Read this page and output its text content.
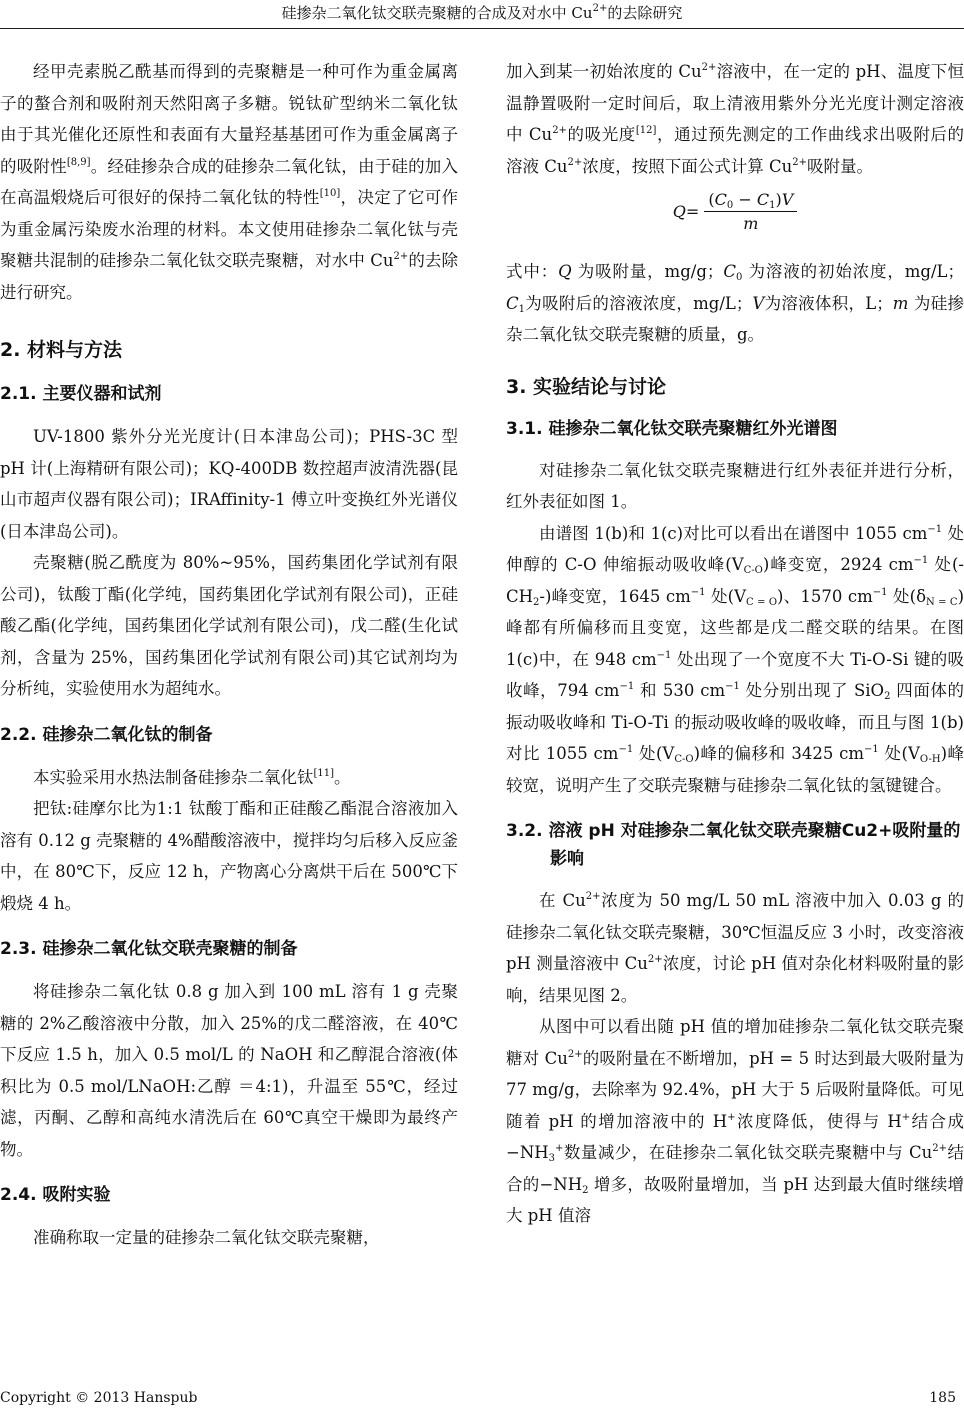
硅掺杂二氧化钛交联壳聚糖的合成及对水中 $Cu^{2+}$的去除研究

经甲壳素脱乙酰基而得到的壳聚糖是一种可作为重金属离子的螯合剂和吸附剂天然阳离子多糖。锐钛矿型纳米二氧化钛由于其光催化还原性和表面有大量羟基基团可作为重金属离子的吸附性[8,9]。经硅掺杂合成的硅掺杂二氧化钛，由于硅的加入在高温煅烧后可很好的保持二氧化钛的特性[10]，决定了它可作为重金属污染废水治理的材料。本文使用硅掺杂二氧化钛与壳聚糖共混制的硅掺杂二氧化钛交联壳聚糖，对水中 $Cu^{2+}$的去除进行研究。

2. 材料与方法
2.1. 主要仪器和试剂

UV-1800 紫外分光光度计(日本津岛公司)；PHS-3C 型 pH 计(上海精研有限公司)；KQ-400DB 数控超声波清洗器(昆山市超声仪器有限公司)；IRAffinity-1 傅立叶变换红外光谱仪(日本津岛公司)。

壳聚糖(脱乙酰度为 80%~95%，国药集团化学试剂有限公司)，钛酸丁酯(化学纯，国药集团化学试剂有限公司)，正硅酸乙酯(化学纯，国药集团化学试剂有限公司)，戊二醛(生化试剂，含量为 25%，国药集团化学试剂有限公司)其它试剂均为分析纯，实验使用水为超纯水。

2.2. 硅掺杂二氧化钛的制备

本实验采用水热法制备硅掺杂二氧化钛[11]。

把钛:硅摩尔比为1:1 钛酸丁酯和正硅酸乙酯混合溶液加入溶有 0.12 g 壳聚糖的 4%醋酸溶液中，搅拌均匀后移入反应釜中，在 80℃下，反应 12 h，产物离心分离烘干后在 500℃下煅烧 4 h。

2.3. 硅掺杂二氧化钛交联壳聚糖的制备

将硅掺杂二氧化钛 0.8 g 加入到 100 mL 溶有 1 g 壳聚糖的 2%乙酸溶液中分散，加入 25%的戊二醛溶液，在 40℃下反应 1.5 h，加入 0.5 mol/L 的 NaOH 和乙醇混合溶液(体积比为 0.5 mol/LNaOH:乙醇 ＝4:1)，升温至 55℃，经过滤，丙酮、乙醇和高纯水清洗后在 60℃真空干燥即为最终产物。

2.4. 吸附实验

准确称取一定量的硅掺杂二氧化钛交联壳聚糖，

加入到某一初始浓度的 $Cu^{2+}$溶液中，在一定的 pH、温度下恒温静置吸附一定时间后，取上清液用紫外分光光度计测定溶液中 $Cu^{2+}$的吸光度[12]，通过预先测定的工作曲线求出吸附后的溶液 $Cu^{2+}$浓度，按照下面公式计算 $Cu^{2+}$吸附量。

$Q= \frac{(C_0 - C_1)V}{m}$

式中：Q 为吸附量，mg/g；$C_0$ 为溶液的初始浓度，mg/L；$C_1$为吸附后的溶液浓度，mg/L；V为溶液体积，L；m 为硅掺杂二氧化钛交联壳聚糖的质量，g。

3. 实验结论与讨论
3.1. 硅掺杂二氧化钛交联壳聚糖红外光谱图

对硅掺杂二氧化钛交联壳聚糖进行红外表征并进行分析，红外表征如图 1。

由谱图 1(b)和 1(c)对比可以看出在谱图中 1055 $cm^{-1}$ 处伸醇的 C-O 伸缩振动吸收峰$(V_{C-O})$峰变宽，2924 $cm^{-1}$ 处$(-CH_2-)$峰变宽，1645 $cm^{-1}$ 处$(V_{C = O})$、1570 $cm^{-1}$ 处$(\delta_{N = C})$峰都有所偏移而且变宽，这些都是戊二醛交联的结果。在图 1(c)中，在 948 $cm^{-1}$ 处出现了一个宽度不大 Ti-O-Si 键的吸收峰，794 $cm^{-1}$ 和 530 $cm^{-1}$ 处分别出现了 SiO$_2$ 四面体的振动吸收峰和 Ti-O-Ti 的振动吸收峰的吸收峰，而且与图 1(b)对比 1055 $cm^{-1}$ 处$(V_{C-O})$峰的偏移和 3425 $cm^{-1}$ 处$(V_{O-H})$峰较宽，说明产生了交联壳聚糖与硅掺杂二氧化钛的氢键键合。

3.2. 溶液 pH 对硅掺杂二氧化钛交联壳聚糖Cu2+吸附量的影响

在 $Cu^{2+}$浓度为 50 mg/L 50 mL 溶液中加入 0.03 g 的硅掺杂二氧化钛交联壳聚糖，30℃恒温反应 3 小时，改变溶液 pH 测量溶液中 $Cu^{2+}$浓度，讨论 pH 值对杂化材料吸附量的影响，结果见图 2。

从图中可以看出随 pH 值的增加硅掺杂二氧化钛交联壳聚糖对 $Cu^{2+}$的吸附量在不断增加，pH = 5 时达到最大吸附量为 77 mg/g，去除率为 92.4%，pH 大于 5 后吸附量降低。可见随着 pH 的增加溶液中的 H+浓度降低，使得与 H+结合成$-NH_3^+$数量减少，在硅掺杂二氧化钛交联壳聚糖中与 $Cu^{2+}$结合的$-NH_2$ 增多，故吸附量增加，当 pH 达到最大值时继续增大 pH 值溶

Copyright © 2013 Hanspub	185
